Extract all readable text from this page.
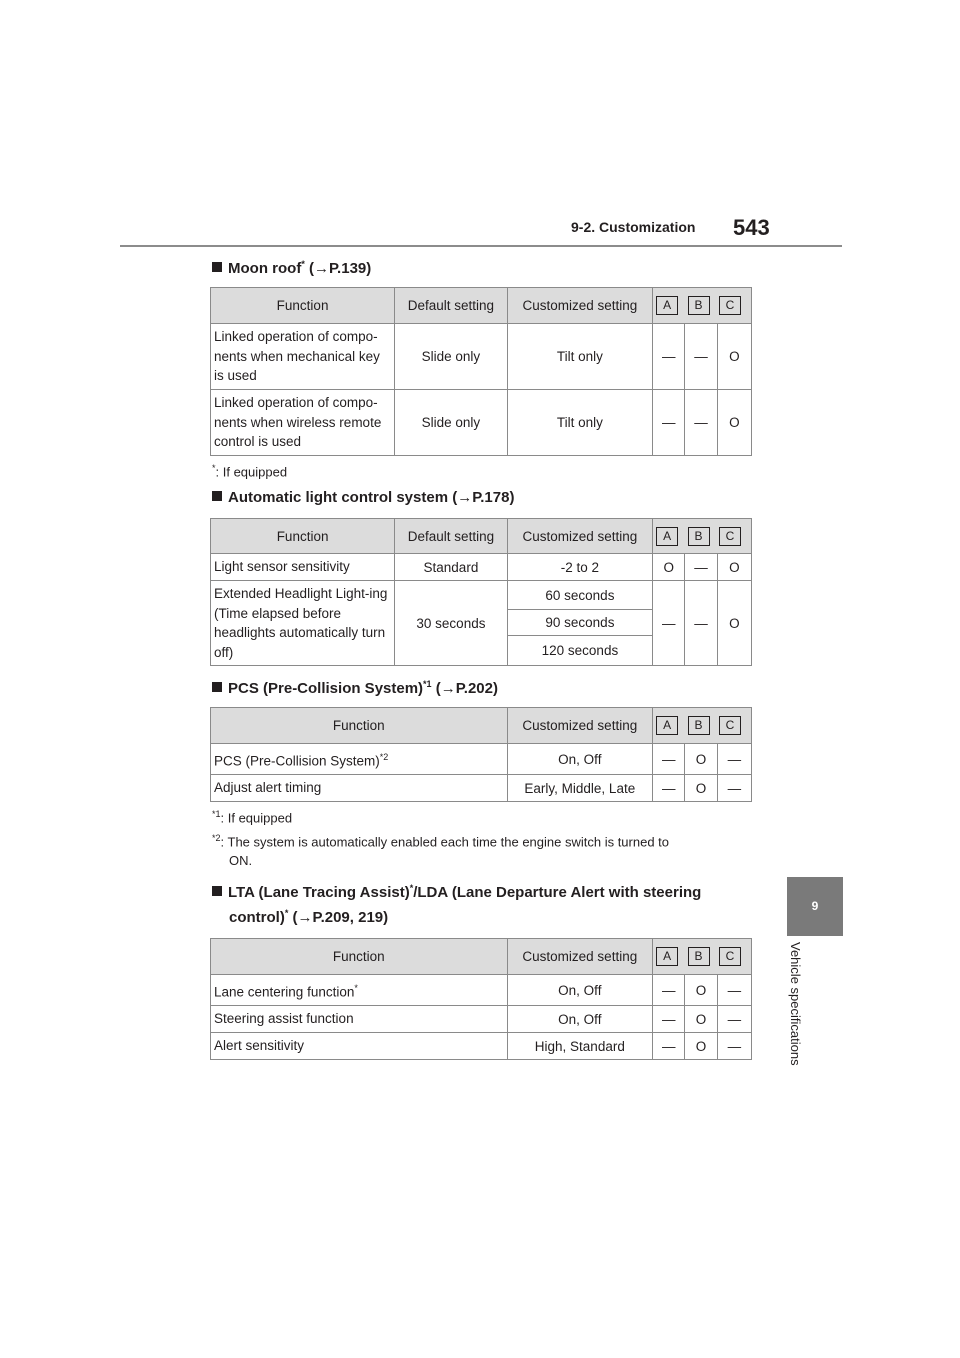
9-2. Customization 543
9
Vehicle specifications
Moon roof* (→P.139)
Function	Default setting	Customized setting	A B C		

Linked operation of compo-nents when mechanical key is used	Slide only	Tilt only	—	—	O
Linked operation of compo-nents when wireless remote control is used	Slide only	Tilt only	—	—	O
*: If equipped
Automatic light control system (→P.178)
Function	Default setting	Customized setting	A B C		

Light sensor sensitivity	Standard	-2 to 2	O	—	O
Extended Headlight Light-ing (Time elapsed before headlights automatically turn off)	30 seconds	60 seconds	—	—	O
		90 seconds			
		120 seconds			
PCS (Pre-Collision System)$^{*1}$ (→P.202)
Function	Customized setting	A B C		

PCS (Pre-Collision System)$^{*2}$	On, Off	—	O	—
Adjust alert timing	Early, Middle, Late	—	O	—
$^{*1}$: If equipped
$^{*2}$: The system is automatically enabled each time the engine switch is turned to
ON.
LTA (Lane Tracing Assist)*/LDA (Lane Departure Alert with steering
control)* (→P.209, 219)
Function	Customized setting	A B C		

Lane centering function*	On, Off	—	O	—
Steering assist function	On, Off	—	O	—
Alert sensitivity	High, Standard	—	O	—
